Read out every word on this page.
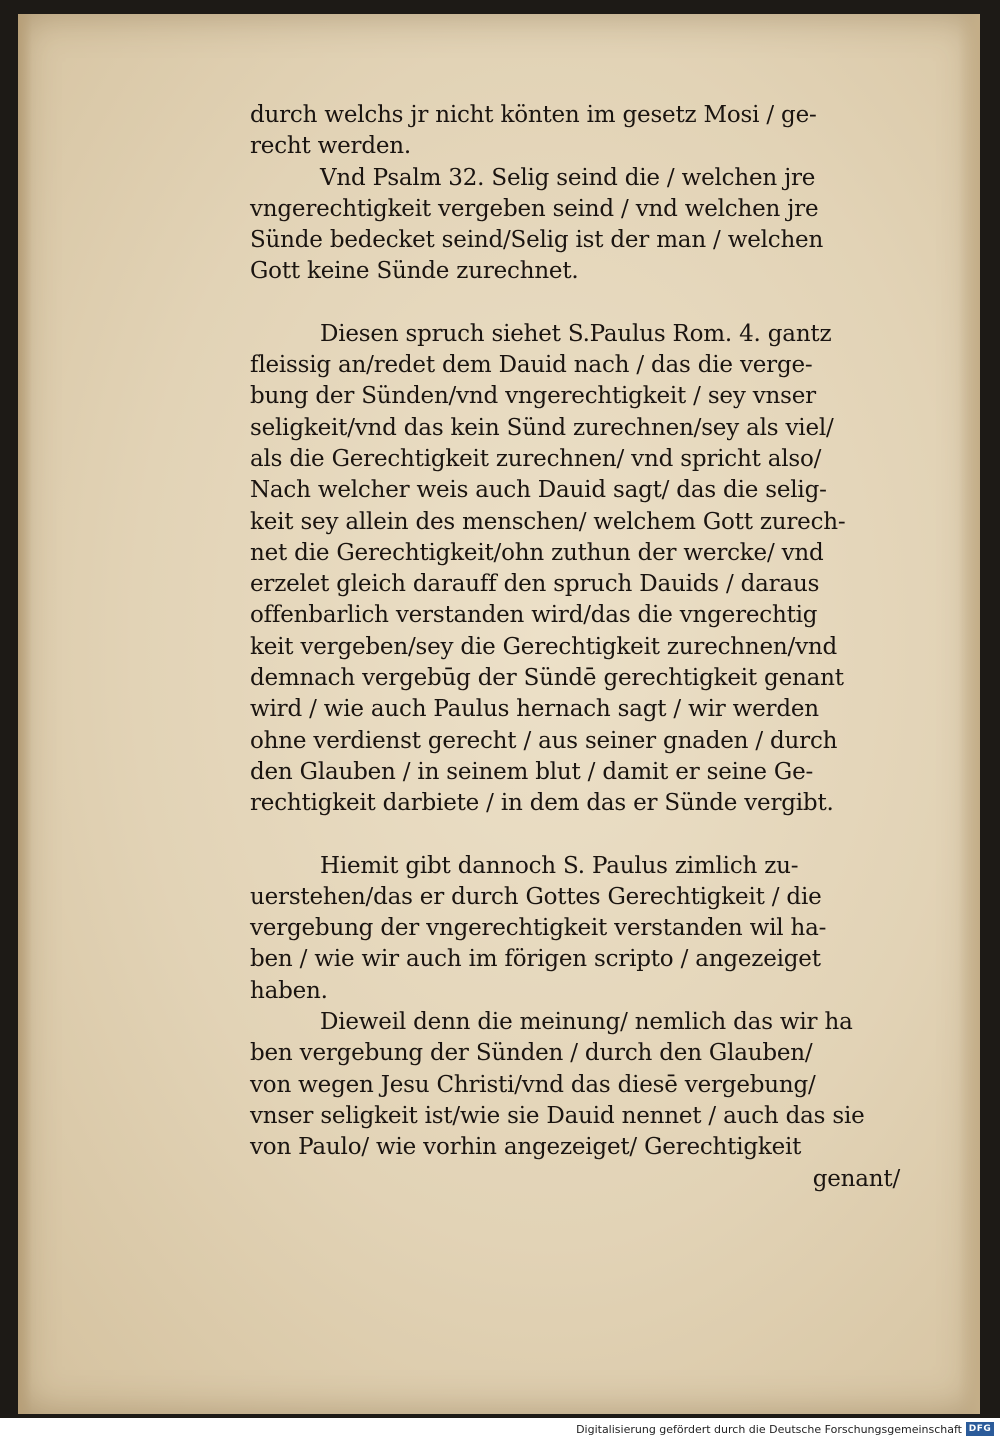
durch welchs jr nicht könten im gesetz Mosi / ge-
recht werden.
Vnd Psalm 32. Selig seind die / welchen jre
vngerechtigkeit vergeben seind / vnd welchen jre
Sünde bedecket seind/Selig ist der man / welchen
Gott keine Sünde zurechnet.
Diesen spruch siehet S.Paulus Rom. 4. gantz
fleissig an/redet dem Dauid nach / das die verge-
bung der Sünden/vnd vngerechtigkeit / sey vnser
seligkeit/vnd das kein Sünd zurechnen/sey als viel/
als die Gerechtigkeit zurechnen/ vnd spricht also/
Nach welcher weis auch Dauid sagt/ das die selig-
keit sey allein des menschen/ welchem Gott zurech-
net die Gerechtigkeit/ohn zuthun der wercke/ vnd
erzelet gleich darauff den spruch Dauids / daraus
offenbarlich verstanden wird/das die vngerechtig
keit vergeben/sey die Gerechtigkeit zurechnen/vnd
demnach vergebūg der Sündē gerechtigkeit genant
wird / wie auch Paulus hernach sagt / wir werden
ohne verdienst gerecht / aus seiner gnaden / durch
den Glauben / in seinem blut / damit er seine Ge-
rechtigkeit darbiete / in dem das er Sünde vergibt.
Hiemit gibt dannoch S. Paulus zimlich zu-
uerstehen/das er durch Gottes Gerechtigkeit / die
vergebung der vngerechtigkeit verstanden wil ha-
ben / wie wir auch im förigen scripto / angezeiget
haben.
Dieweil denn die meinung/ nemlich das wir ha
ben vergebung der Sünden / durch den Glauben/
von wegen Jesu Christi/vnd das diesē vergebung/
vnser seligkeit ist/wie sie Dauid nennet / auch das sie
von Paulo/ wie vorhin angezeiget/ Gerechtigkeit
genant/
Digitalisierung gefördert durch die Deutsche Forschungsgemeinschaft DFG
